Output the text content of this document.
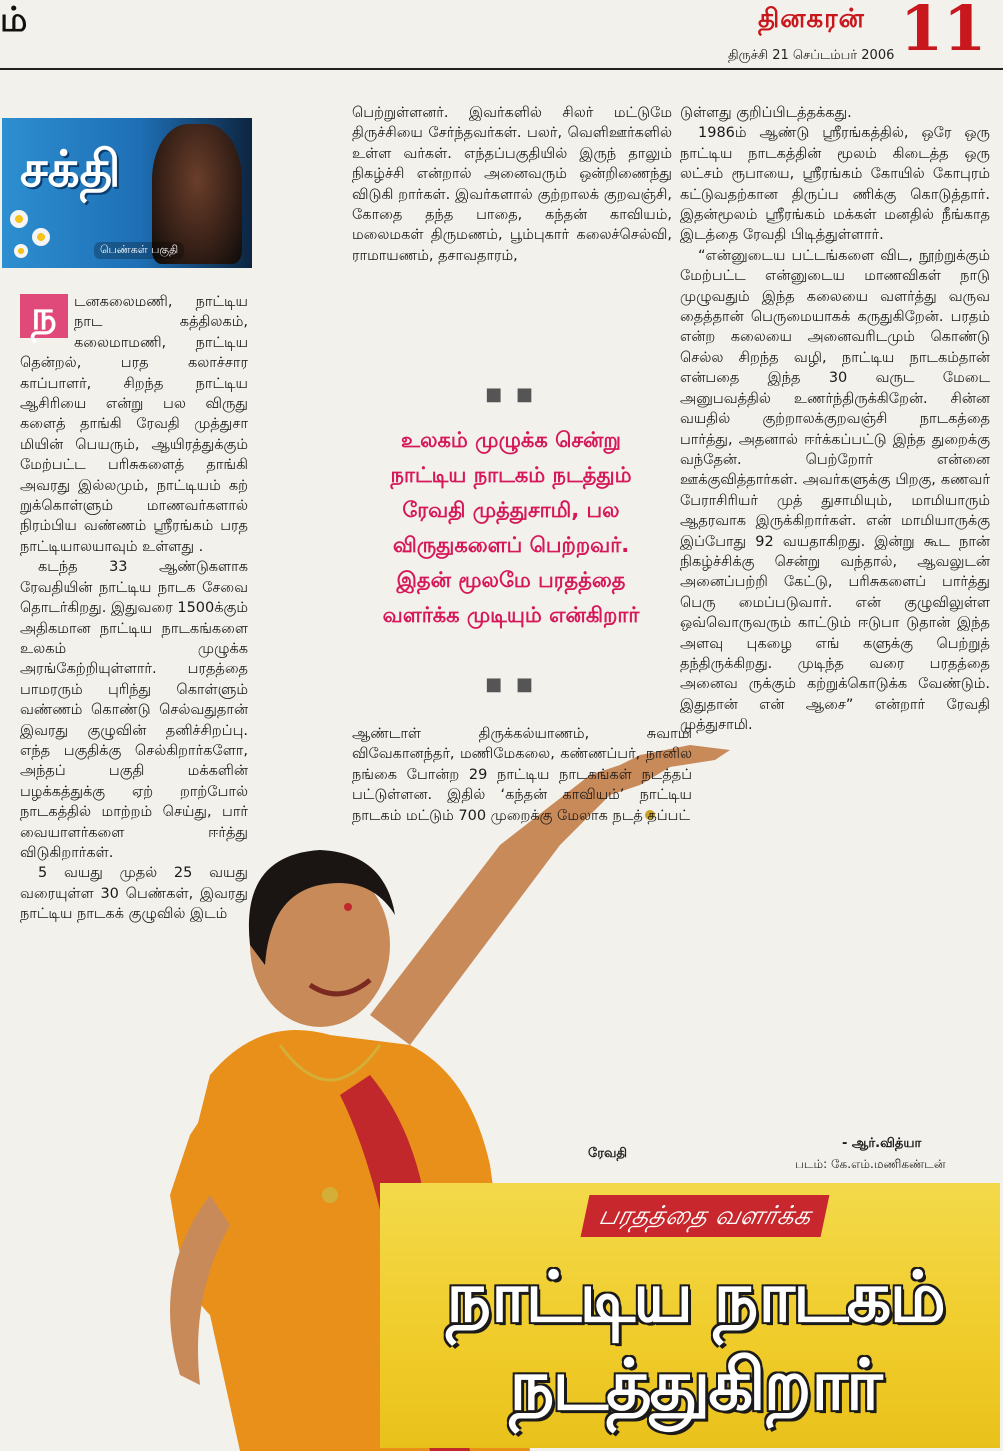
ம்	தினகரன் 11
திருச்சி 21 செப்டம்பர் 2006
சக்தி
பெண்கள் பகுதி
ந	டனகலைமணி, நாட்டிய நாட கத்திலகம், கலைமாமணி, நாட்டிய தென்றல், பரத கலாச்சார காப்பாளர், சிறந்த நாட்டிய ஆசிரியை என்று பல விருது களைத் தாங்கி ரேவதி முத்துசா மியின் பெயரும், ஆயிரத்துக்கும் மேற்பட்ட பரிசுகளைத் தாங்கி அவரது இல்லமும், நாட்டியம் கற் றுக்கொள்ளும் மாணவர்களால் நிரம்பிய வண்ணம் ஸ்ரீரங்கம் பரத நாட்டியாலயாவும் உள்ளது .

கடந்த 33 ஆண்டுகளாக ரேவதியின் நாட்டிய நாடக சேவை தொடர்கிறது. இதுவரை 1500க்கும் அதிகமான நாட்டிய நாடகங்களை உலகம் முழுக்க அரங்கேற்றியுள்ளார். பரதத்தை பாமரரும் புரிந்து கொள்ளும் வண்ணம் கொண்டு செல்வதுதான் இவரது குழுவின் தனிச்சிறப்பு. எந்த பகுதிக்கு செல்கிறார்களோ, அந்தப் பகுதி மக்களின் பழக்கத்துக்கு ஏற் றாற்போல் நாடகத்தில் மாற்றம் செய்து, பார் வையாளர்களை ஈர்த்து விடுகிறார்கள்.

5 வயது முதல் 25 வயது வரையுள்ள 30 பெண்கள், இவரது நாட்டிய நாடகக் குழுவில் இடம்

பெற்றுள்ளனர். இவர்களில் சிலர் மட்டுமே திருச்சியை சேர்ந்தவர்கள். பலர், வெளிஊர்களில் உள்ள வர்கள். எந்தப்பகுதியில் இருந் தாலும் நிகழ்ச்சி என்றால் அனைவரும் ஒன்றிணைந்து விடுகி றார்கள். இவர்களால் குற்றாலக் குறவஞ்சி, கோதை தந்த பாதை, கந்தன் காவியம், மலைமகள் திருமணம், பூம்புகார் கலைச்செல்வி, ராமாயணம், தசாவதாரம்,

■ ■
உலகம் முழுக்க சென்று
நாட்டிய நாடகம் நடத்தும்
ரேவதி முத்துசாமி, பல
விருதுகளைப் பெற்றவர்.
இதன் மூலமே பரதத்தை
வளர்க்க முடியும் என்கிறார்
■ ■

ஆண்டாள் திருக்கல்யாணம், சுவாமி விவேகானந்தர், மணிமேகலை, கண்ணப்பர், நானில நங்கை போன்ற 29 நாட்டிய நாடகங்கள் நடத்தப் பட்டுள்ளன. இதில் ‘கந்தன் காவியம்’ நாட்டிய நாடகம் மட்டும் 700 முறைக்கு மேலாக நடத் தப்பட்

டுள்ளது குறிப்பிடத்தக்கது.

1986ம் ஆண்டு ஸ்ரீரங்கத்தில், ஒரே ஒரு நாட்டிய நாடகத்தின் மூலம் கிடைத்த ஒரு லட்சம் ரூபாயை, ஸ்ரீரங்கம் கோயில் கோபுரம் கட்டுவதற்கான திருப்ப ணிக்கு கொடுத்தார். இதன்மூலம் ஸ்ரீரங்கம் மக்கள் மனதில் நீங்காத இடத்தை ரேவதி பிடித்துள்ளார்.

“என்னுடைய பட்டங்களை விட, நூற்றுக்கும் மேற்பட்ட என்னுடைய மாணவிகள் நாடு முழுவதும் இந்த கலையை வளர்த்து வருவ தைத்தான் பெருமையாகக் கருதுகிறேன். பரதம் என்ற கலையை அனைவரிடமும் கொண்டு செல்ல சிறந்த வழி, நாட்டிய நாடகம்தான் என்பதை இந்த 30 வருட மேடை அனுபவத்தில் உணர்ந்திருக்கிறேன். சின்ன வயதில் குற்றாலக்குறவஞ்சி நாடகத்தை பார்த்து, அதனால் ஈர்க்கப்பட்டு இந்த துறைக்கு வந்தேன். பெற்றோர் என்னை ஊக்குவித்தார்கள். அவர்களுக்கு பிறகு, கணவர் பேராசிரியர் முத் துசாமியும், மாமியாரும் ஆதரவாக இருக்கிறார்கள். என் மாமியாருக்கு இப்போது 92 வயதாகிறது. இன்று கூட நான் நிகழ்ச்சிக்கு சென்று வந்தால், ஆவலுடன் அனைப்பற்றி கேட்டு, பரிசுகளைப் பார்த்து பெரு மைப்படுவார். என் குழுவிலுள்ள ஒவ்வொருவரும் காட்டும் ஈடுபா டுதான் இந்த அளவு புகழை எங் களுக்கு பெற்றுத் தந்திருக்கிறது. முடிந்த வரை பரதத்தை அனைவ ருக்கும் கற்றுக்கொடுக்க வேண்டும். இதுதான் என் ஆசை” என்றார் ரேவதி முத்துசாமி.

ரேவதி
- ஆர்.வித்யா
படம்: கே.எம்.மணிகண்டன்
பரதத்தை வளர்க்க
நாட்டிய நாடகம்
நடத்துகிறார்
